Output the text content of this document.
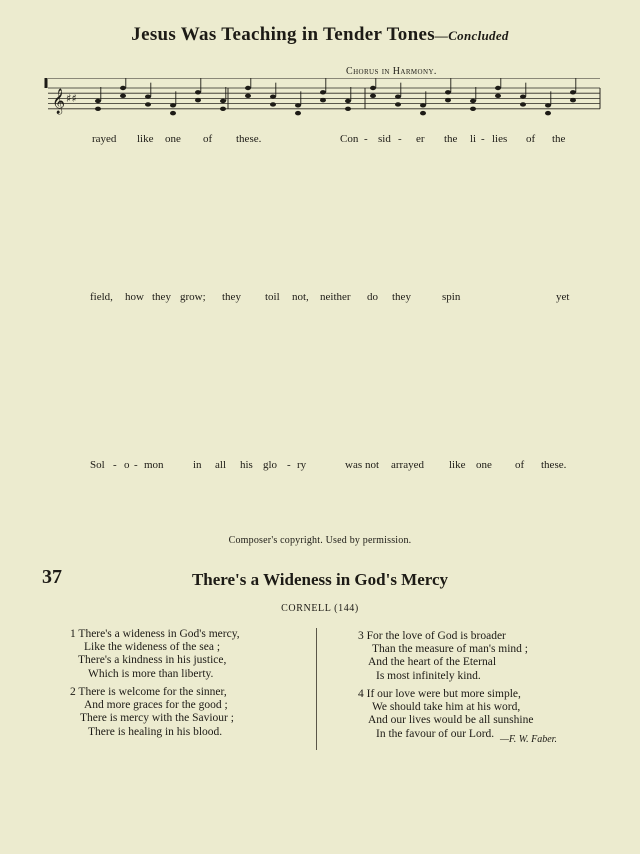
Jesus Was Teaching in Tender Tones—Concluded
Chorus in Harmony.
𝄞 ♯♯
rayed like one of these.	Con - sid - er the li - lies of the
field, how they grow; they toil not, neither do they	spin	yet
Sol - o - mon	in all his glo - ry	was not arrayed like one of these.
Composer's copyright. Used by permission.
37	There's a Wideness in God's Mercy
CORNELL (144)
1 There's a wideness in God's mercy,
Like the wideness of the sea ;
There's a kindness in his justice,
Which is more than liberty.
2 There is welcome for the sinner,
And more graces for the good ;
There is mercy with the Saviour ;
There is healing in his blood.
3 For the love of God is broader
Than the measure of man's mind ;
And the heart of the Eternal
Is most infinitely kind.
4 If our love were but more simple,
We should take him at his word,
And our lives would be all sunshine
In the favour of our Lord. —F. W. Faber.
